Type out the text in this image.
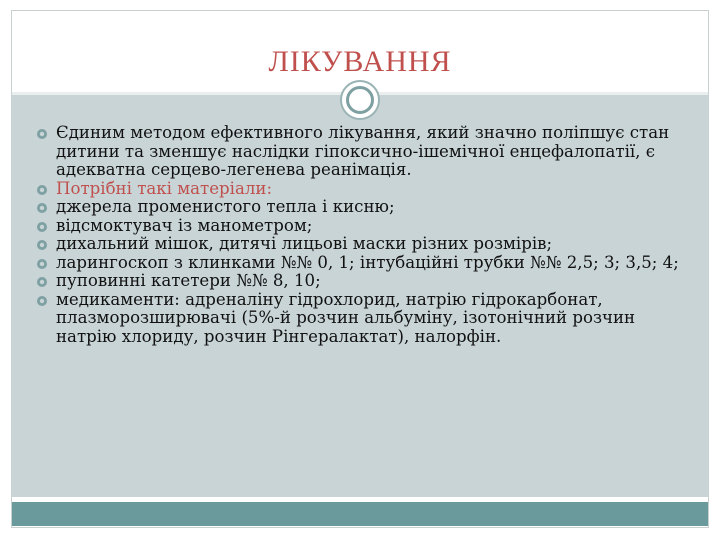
ЛІКУВАННЯ
Єдиним методом ефективного лікування, який значно поліпшує стан дитини та зменшує наслідки гіпоксично-ішемічної енцефалопатії, є адекватна серцево-легенева реанімація.
Потрібні такі матеріали:
джерела променистого тепла і кисню;
відсмоктувач із манометром;
дихальний мішок, дитячі лицьові маски різних розмірів;
ларингоскоп з клинками №№ 0, 1; інтубаційні трубки №№ 2,5; 3; 3,5; 4;
пуповинні катетери №№ 8, 10;
медикаменти: адреналіну гідрохлорид, натрію гідрокарбонат, плазморозширювачі (5%-й розчин альбуміну, ізотонічний розчин натрію хлориду, розчин Рінгералактат), налорфін.
